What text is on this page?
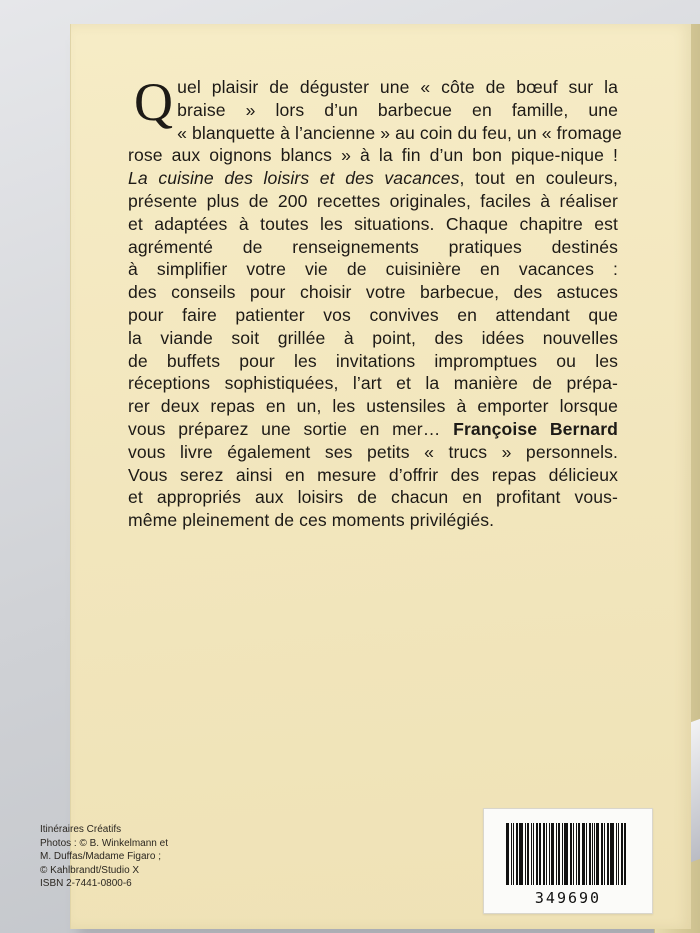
Q uel plaisir de déguster une « côte de bœuf sur la
braise » lors d’un barbecue en famille, une
« blanquette à l’ancienne » au coin du feu, un « fromage
rose aux oignons blancs » à la fin d’un bon pique-nique !
La cuisine des loisirs et des vacances, tout en couleurs,
présente plus de 200 recettes originales, faciles à réaliser
et adaptées à toutes les situations. Chaque chapitre est
agrémenté de renseignements pratiques destinés
à simplifier votre vie de cuisinière en vacances :
des conseils pour choisir votre barbecue, des astuces
pour faire patienter vos convives en attendant que
la viande soit grillée à point, des idées nouvelles
de buffets pour les invitations impromptues ou les
réceptions sophistiquées, l’art et la manière de prépa-
rer deux repas en un, les ustensiles à emporter lorsque
vous préparez une sortie en mer… Françoise Bernard
vous livre également ses petits « trucs » personnels.
Vous serez ainsi en mesure d’offrir des repas délicieux
et appropriés aux loisirs de chacun en profitant vous-
même pleinement de ces moments privilégiés.
Itinéraires Créatifs
Photos : © B. Winkelmann et
M. Duffas/Madame Figaro ;
© Kahlbrandt/Studio X
ISBN 2-7441-0800-6
349690
